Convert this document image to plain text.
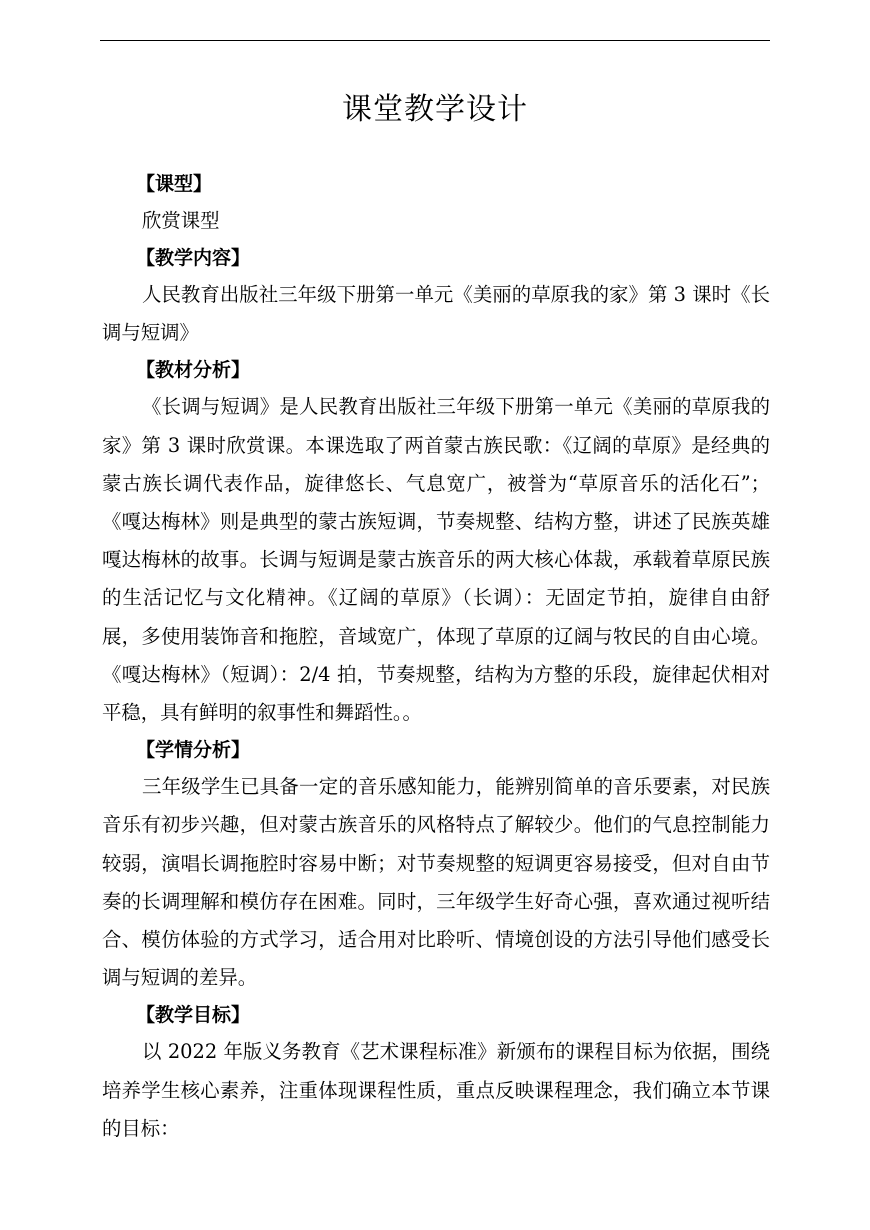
课堂教学设计
【课型】

欣赏课型

【教学内容】

人民教育出版社三年级下册第一单元《美丽的草原我的家》第 3 课时《长调与短调》

【教材分析】

《长调与短调》是人民教育出版社三年级下册第一单元《美丽的草原我的家》第 3 课时欣赏课。本课选取了两首蒙古族民歌：《辽阔的草原》是经典的蒙古族长调代表作品，旋律悠长、气息宽广，被誉为“草原音乐的活化石”；《嘎达梅林》则是典型的蒙古族短调，节奏规整、结构方整，讲述了民族英雄嘎达梅林的故事。长调与短调是蒙古族音乐的两大核心体裁，承载着草原民族的生活记忆与文化精神。《辽阔的草原》（长调）：无固定节拍，旋律自由舒展，多使用装饰音和拖腔，音域宽广，体现了草原的辽阔与牧民的自由心境。《嘎达梅林》（短调）：2/4 拍，节奏规整，结构为方整的乐段，旋律起伏相对平稳，具有鲜明的叙事性和舞蹈性。。

【学情分析】

三年级学生已具备一定的音乐感知能力，能辨别简单的音乐要素，对民族音乐有初步兴趣，但对蒙古族音乐的风格特点了解较少。他们的气息控制能力较弱，演唱长调拖腔时容易中断；对节奏规整的短调更容易接受，但对自由节奏的长调理解和模仿存在困难。同时，三年级学生好奇心强，喜欢通过视听结合、模仿体验的方式学习，适合用对比聆听、情境创设的方法引导他们感受长调与短调的差异。

【教学目标】

以 2022 年版义务教育《艺术课程标准》新颁布的课程目标为依据，围绕培养学生核心素养，注重体现课程性质，重点反映课程理念，我们确立本节课的目标：
